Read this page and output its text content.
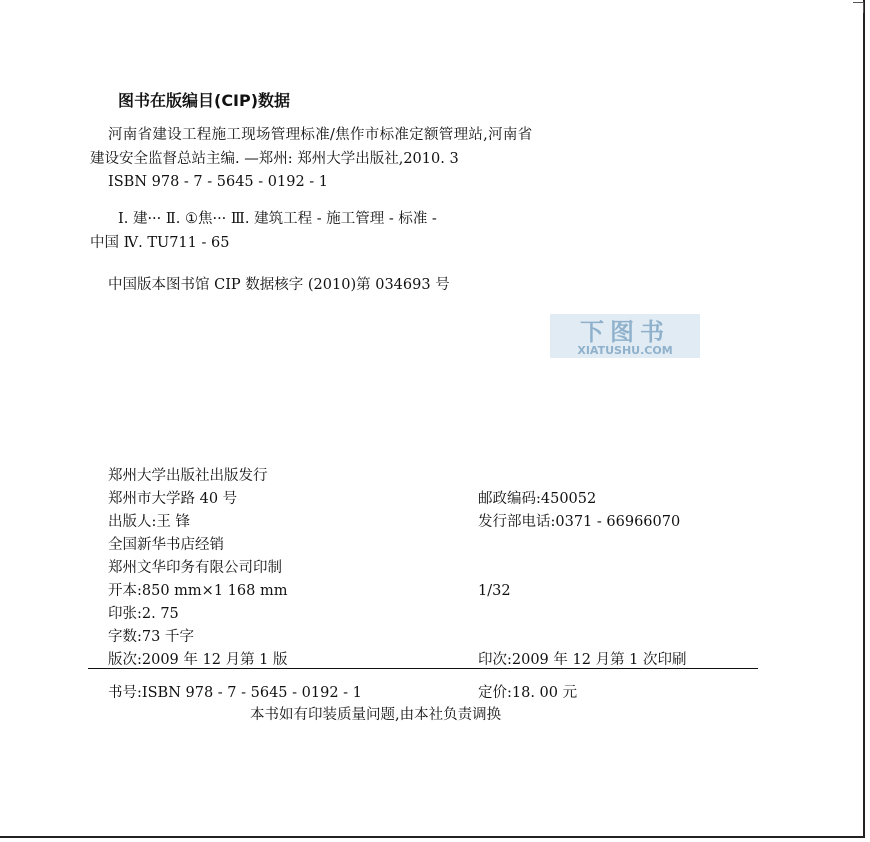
图书在版编目(CIP)数据
河南省建设工程施工现场管理标准/焦作市标准定额管理站,河南省
建设安全监督总站主编. —郑州: 郑州大学出版社,2010. 3
ISBN 978 - 7 - 5645 - 0192 - 1
Ⅰ. 建··· Ⅱ. ①焦··· Ⅲ. 建筑工程 - 施工管理 - 标准 -
中国 Ⅳ. TU711 - 65
中国版本图书馆 CIP 数据核字 (2010)第 034693 号
下图书
XIATUSHU.COM
郑州大学出版社出版发行
郑州市大学路 40 号	邮政编码:450052
出版人:王 锋	发行部电话:0371 - 66966070
全国新华书店经销
郑州文华印务有限公司印制
开本:850 mm×1 168 mm	1/32
印张:2. 75
字数:73 千字
版次:2009 年 12 月第 1 版	印次:2009 年 12 月第 1 次印刷
书号:ISBN 978 - 7 - 5645 - 0192 - 1	定价:18. 00 元
本书如有印装质量问题,由本社负责调换
